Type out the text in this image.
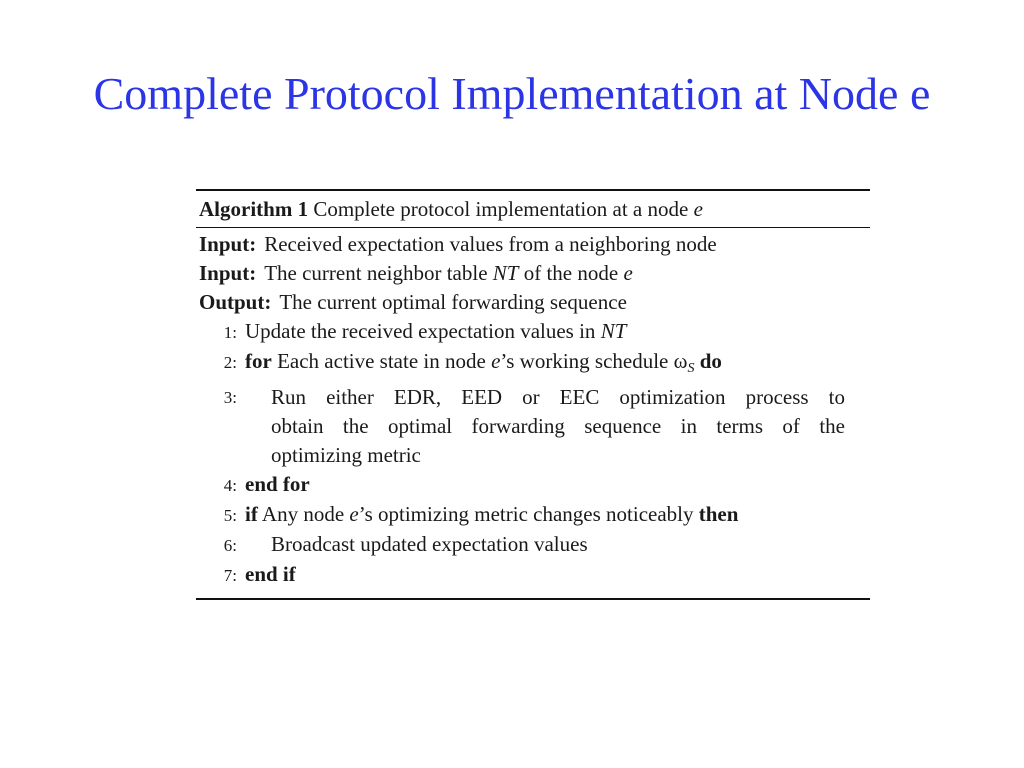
Complete Protocol Implementation at Node e
Algorithm 1 Complete protocol implementation at a node e
Input: Received expectation values from a neighboring node
Input: The current neighbor table NT of the node e
Output: The current optimal forwarding sequence
1: Update the received expectation values in NT
2: for Each active state in node e’s working schedule $\omega_S$ do
3: Run either EDR, EED or EEC optimization process to
obtain the optimal forwarding sequence in terms of the
optimizing metric
4: end for
5: if Any node e’s optimizing metric changes noticeably then
6: Broadcast updated expectation values
7: end if
